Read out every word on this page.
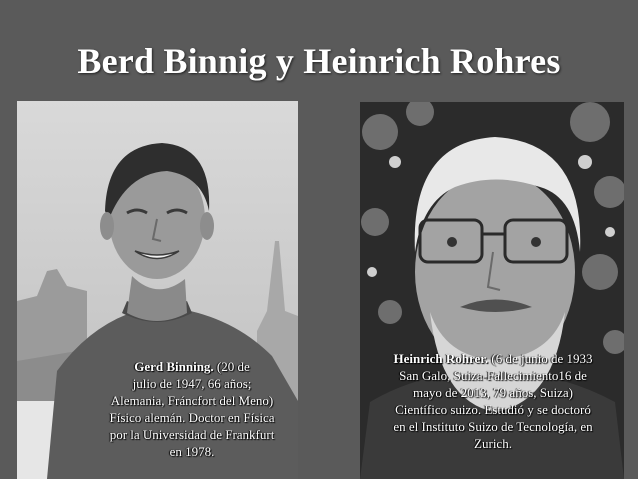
Berd Binnig y Heinrich Rohres
Gerd Binning. (20 de
julio de 1947, 66 años;
Alemania, Fráncfort del Meno)
Físico alemán. Doctor en Física
por la Universidad de Frankfurt
en 1978.
Heinrich Rohrer. (6 de junio de 1933
San Galo, Suiza-Fallecimiento16 de
mayo de 2013, 79 años, Suiza)
Científico suizo. Estudió y se doctoró
en el Instituto Suizo de Tecnología, en
Zurich.
